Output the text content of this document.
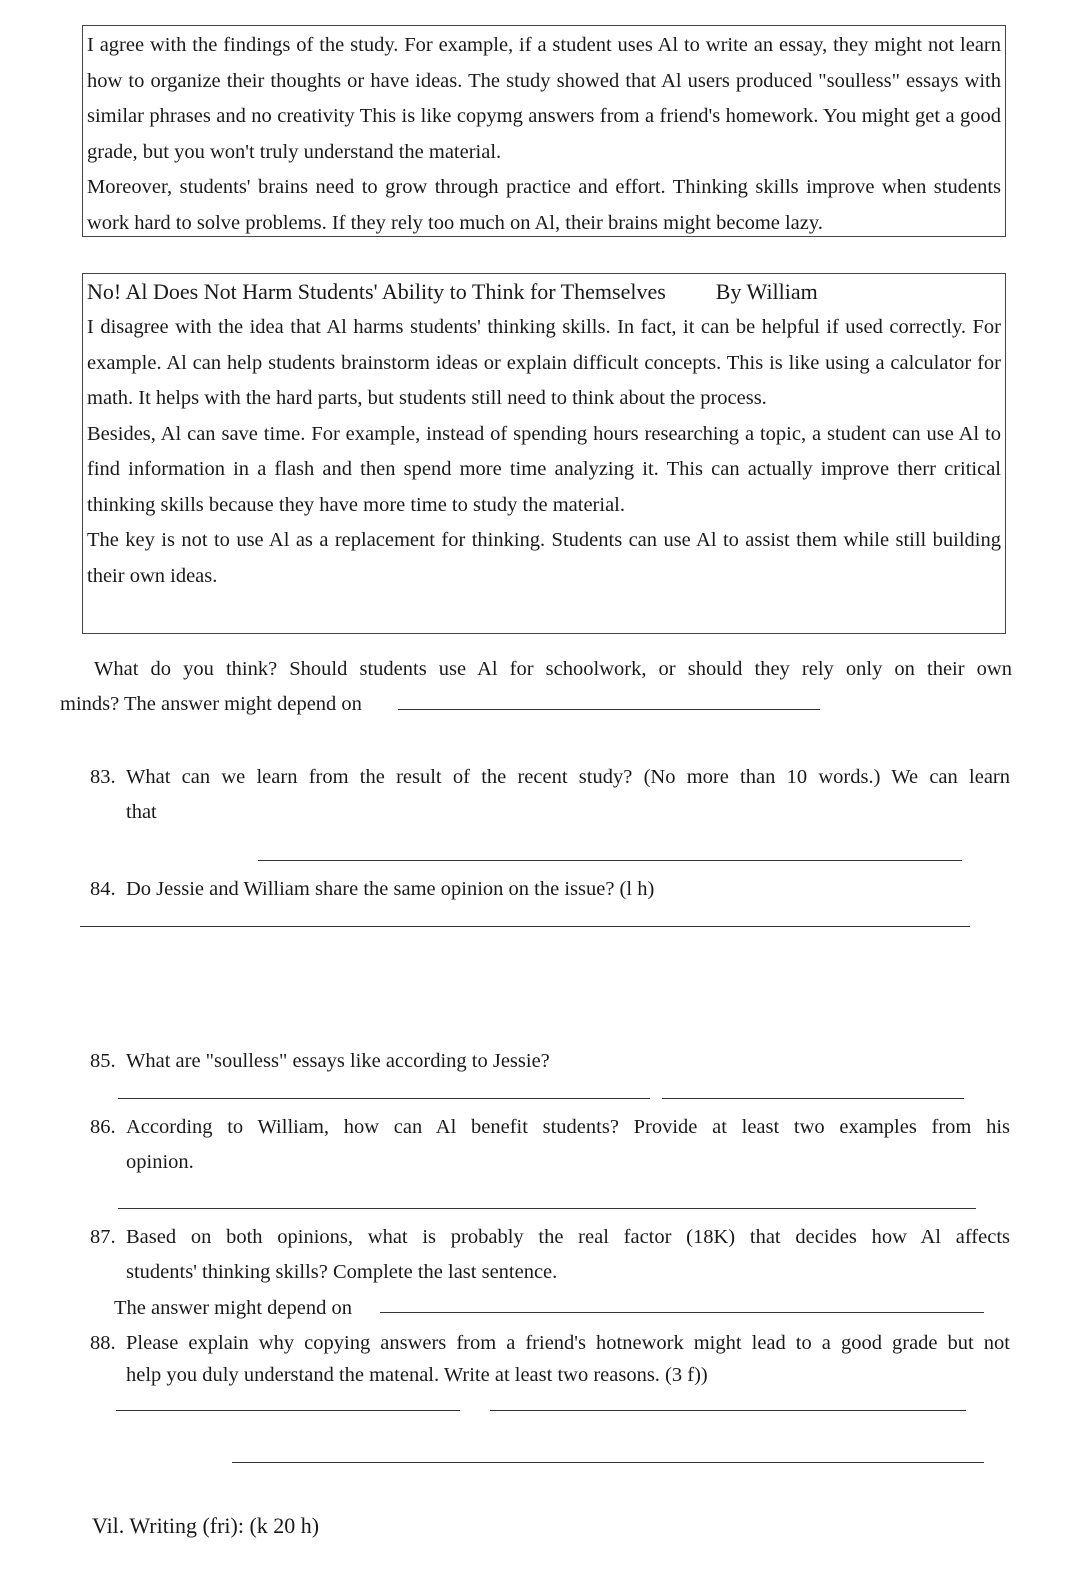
I agree with the findings of the study. For example, if a student uses Al to write an essay, they might not learn how to organize their thoughts or have ideas. The study showed that Al users produced "soulless" essays with similar phrases and no creativity This is like copymg answers from a friend's homework. You might get a good grade, but you won't truly understand the material.

Moreover, students' brains need to grow through practice and effort. Thinking skills improve when students work hard to solve problems. If they rely too much on Al, their brains might become lazy.

No! Al Does Not Harm Students' Ability to Think for Themselves By William

I disagree with the idea that Al harms students' thinking skills. In fact, it can be helpful if used correctly. For example. Al can help students brainstorm ideas or explain difficult concepts. This is like using a calculator for math. It helps with the hard parts, but students still need to think about the process.

Besides, Al can save time. For example, instead of spending hours researching a topic, a student can use Al to find information in a flash and then spend more time analyzing it. This can actually improve therr critical thinking skills because they have more time to study the material.

The key is not to use Al as a replacement for thinking. Students can use Al to assist them while still building their own ideas.

What do you think? Should students use Al for schoolwork, or should they rely only on their own
minds? The answer might depend on
83. What can we learn from the result of the recent study? (No more than 10 words.) We can learn
that
84. Do Jessie and William share the same opinion on the issue? (l h)
85. What are "soulless" essays like according to Jessie?
86. According to William, how can Al benefit students? Provide at least two examples from his
opinion.
87. Based on both opinions, what is probably the real factor (18K) that decides how Al affects
students' thinking skills? Complete the last sentence.
The answer might depend on
88. Please explain why copying answers from a friend's hotnework might lead to a good grade but not
help you duly understand the matenal. Write at least two reasons. (3 f))
Vil. Writing (fri): (k 20 h)
